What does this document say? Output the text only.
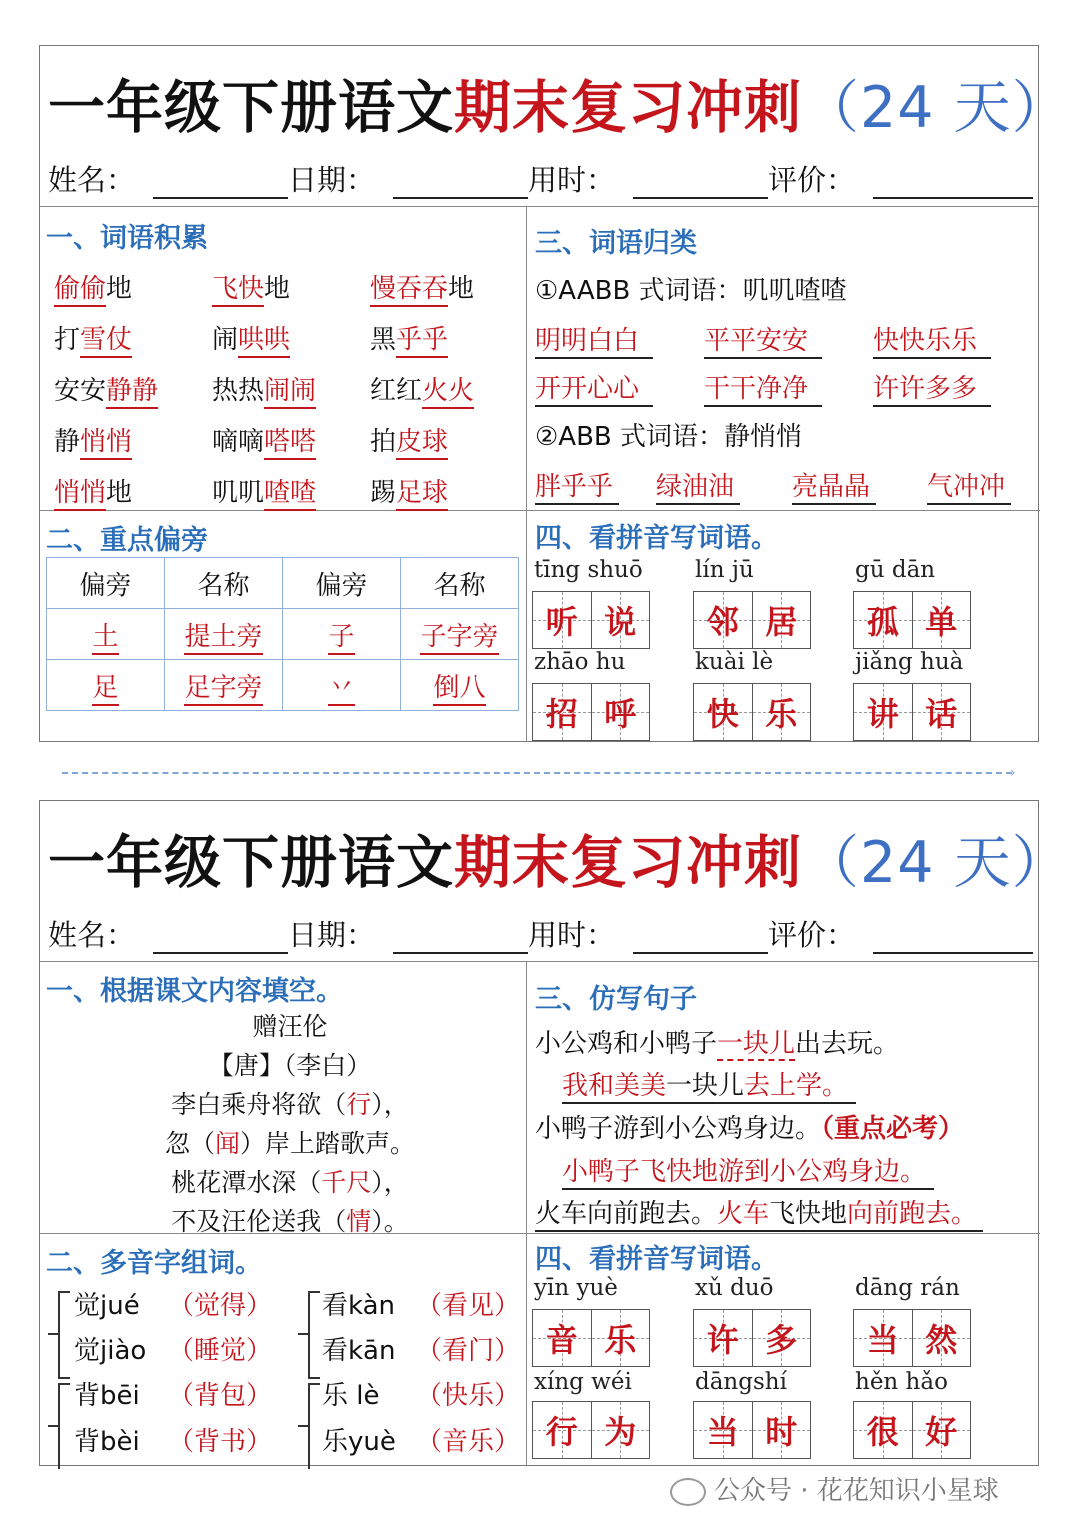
一年级下册语文期末复习冲刺（24 天）
姓名：	日期：	用时：	评价：
一、词语积累
偷偷地	飞快地	慢吞吞地
打雪仗	闹哄哄	黑乎乎
安安静静 热热闹闹 红红火火
静悄悄	嘀嘀嗒嗒 拍皮球
悄悄地	叽叽喳喳 踢足球
二、重点偏旁
偏旁	名称	偏旁	名称
土	提土旁	子	子字旁
足	足字旁	丷	倒八
三、词语归类
①AABB 式词语：叽叽喳喳
明明白白	平平安安	快快乐乐
开开心心	干干净净	许许多多
②ABB 式词语：静悄悄
胖乎乎 绿油油 亮晶晶 气冲冲
四、看拼音写词语。
tīng shuō
听 说
lín jū
邻 居
gū dān
孤 单
zhāo hu
招 呼
kuài lè
快 乐
jiǎng huà
讲 话
›
一年级下册语文期末复习冲刺（24 天）
姓名：	日期：	用时：	评价：
一、根据课文内容填空。
赠汪伦
【唐】（李白）
李白乘舟将欲（行），
忽（闻）岸上踏歌声。
桃花潭水深（千尺），
不及汪伦送我（情）。
二、多音字组词。
觉jué （觉得）
觉jiào （睡觉）
背bēi （背包）
背bèi （背书）
看kàn （看见）
看kān （看门）
乐 lè （快乐）
乐yuè （音乐）
三、仿写句子
小公鸡和小鸭子一块儿出去玩。
我和美美一块儿去上学。
小鸭子游到小公鸡身边。（重点必考）
小鸭子飞快地游到小公鸡身边。
火车向前跑去。火车飞快地向前跑去。
四、看拼音写词语。
yīn yuè
音 乐
xǔ duō
许 多
dāng rán
当 然
xíng wéi
行 为
dāngshí
当 时
hěn hǎo
很 好
公众号 · 花花知识小星球
